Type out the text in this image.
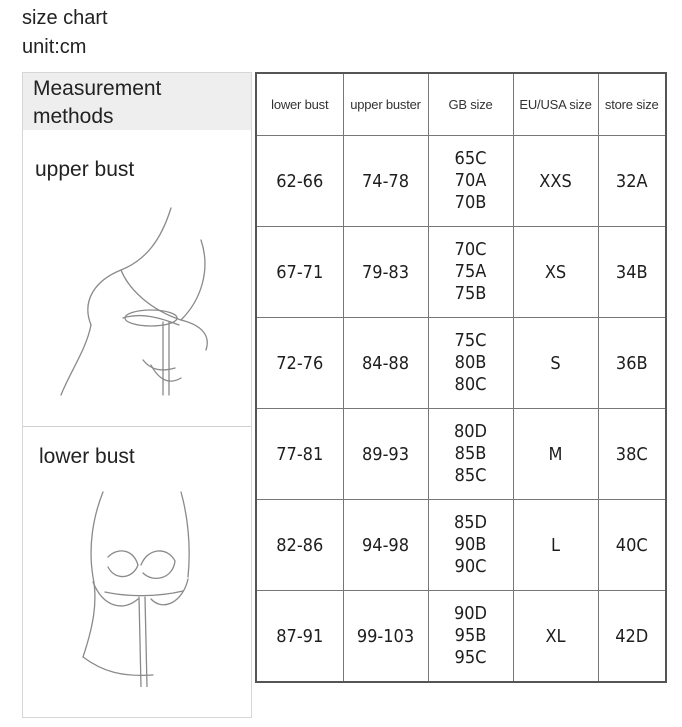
size chart
unit:cm
Measurement
methods
upper bust
lower bust
lower bust	upper buster	GB size	EU/USA size	store size
62-66	74-78	65C
70A
70B	XXS	32A
67-71	79-83	70C
75A
75B	XS	34B
72-76	84-88	75C
80B
80C	S	36B
77-81	89-93	80D
85B
85C	M	38C
82-86	94-98	85D
90B
90C	L	40C
87-91	99-103	90D
95B
95C	XL	42D
